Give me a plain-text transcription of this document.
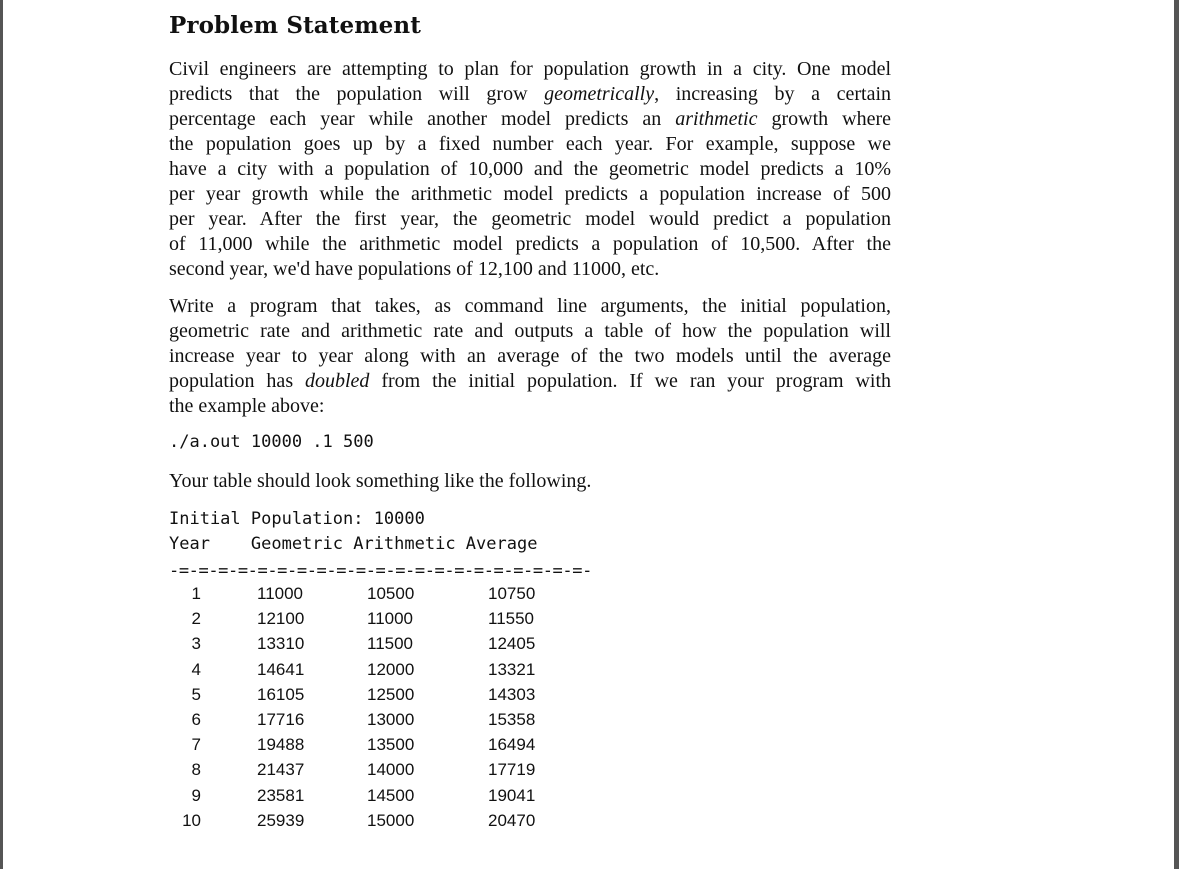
Problem Statement

Civil engineers are attempting to plan for population growth in a city. One model
predicts that the population will grow geometrically, increasing by a certain
percentage each year while another model predicts an arithmetic growth where
the population goes up by a fixed number each year. For example, suppose we
have a city with a population of 10,000 and the geometric model predicts a 10%
per year growth while the arithmetic model predicts a population increase of 500
per year. After the first year, the geometric model would predict a population
of 11,000 while the arithmetic model predicts a population of 10,500. After the
second year, we'd have populations of 12,100 and 11000, etc.

Write a program that takes, as command line arguments, the initial population,
geometric rate and arithmetic rate and outputs a table of how the population will
increase year to year along with an average of the two models until the average
population has doubled from the initial population. If we ran your program with
the example above:

./a.out 10000 .1 500
Your table should look something like the following.
Initial Population: 10000
Year    Geometric Arithmetic Average
-=-=-=-=-=-=-=-=-=-=-=-=-=-=-=-=-=-=-=-=-=-
1	11000	10500	10750
2	12100	11000	11550
3	13310	11500	12405
4	14641	12000	13321
5	16105	12500	14303
6	17716	13000	15358
7	19488	13500	16494
8	21437	14000	17719
9	23581	14500	19041
10	25939	15000	20470
